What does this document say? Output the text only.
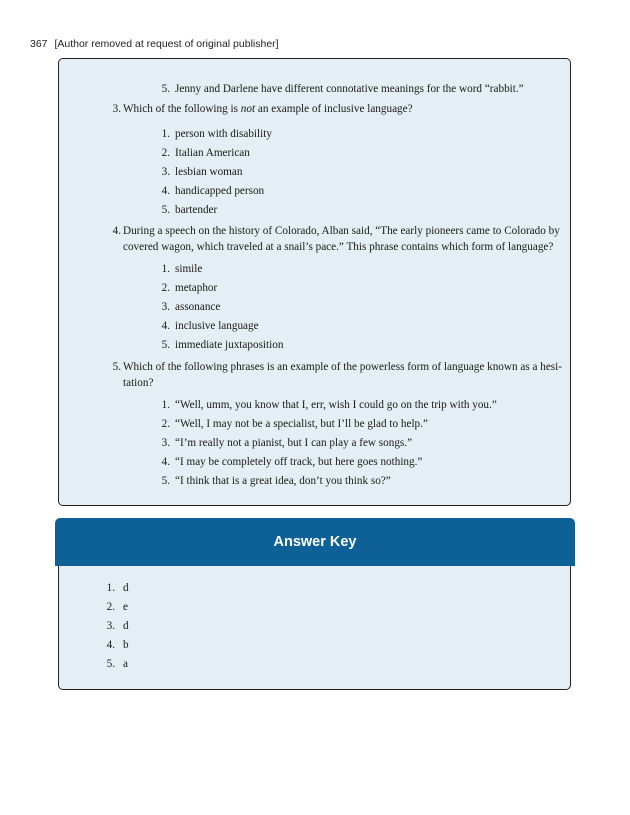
367 [Author removed at request of original publisher]
5. Jenny and Darlene have different connotative meanings for the word “rabbit.”
3. Which of the following is not an example of inclusive language?
1. person with disability
2. Italian American
3. lesbian woman
4. handicapped person
5. bartender
4. During a speech on the history of Colorado, Alban said, “The early pioneers came to Colorado by
covered wagon, which traveled at a snail’s pace.” This phrase contains which form of language?
1. simile
2. metaphor
3. assonance
4. inclusive language
5. immediate juxtaposition
5. Which of the following phrases is an example of the powerless form of language known as a hesi-
tation?
1. “Well, umm, you know that I, err, wish I could go on the trip with you.”
2. “Well, I may not be a specialist, but I’ll be glad to help.”
3. “I’m really not a pianist, but I can play a few songs.”
4. “I may be completely off track, but here goes nothing.”
5. “I think that is a great idea, don’t you think so?”
Answer Key
1. d
2. e
3. d
4. b
5. a
